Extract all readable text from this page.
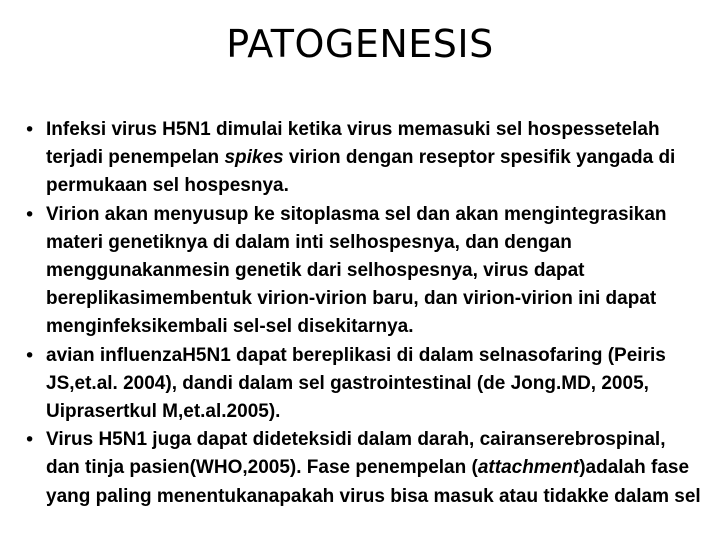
PATOGENESIS
• Infeksi virus H5N1 dimulai ketika virus memasuki sel hospessetelah terjadi penempelan spikes virion dengan reseptor spesifik yangada di permukaan sel hospesnya.
• Virion akan menyusup ke sitoplasma sel dan akan mengintegrasikan materi genetiknya di dalam inti selhospesnya, dan dengan menggunakanmesin genetik dari selhospesnya, virus dapat bereplikasimembentuk virion-virion baru, dan virion-virion ini dapat menginfeksikembali sel-sel disekitarnya.
• avian influenzaH5N1 dapat bereplikasi di dalam selnasofaring (Peiris JS,et.al. 2004), dandi dalam sel gastrointestinal (de Jong.MD, 2005, Uiprasertkul M,et.al.2005).
• Virus H5N1 juga dapat dideteksidi dalam darah, cairanserebrospinal, dan tinja pasien(WHO,2005). Fase penempelan (attachment)adalah fase yang paling menentukanapakah virus bisa masuk atau tidakke dalam sel
